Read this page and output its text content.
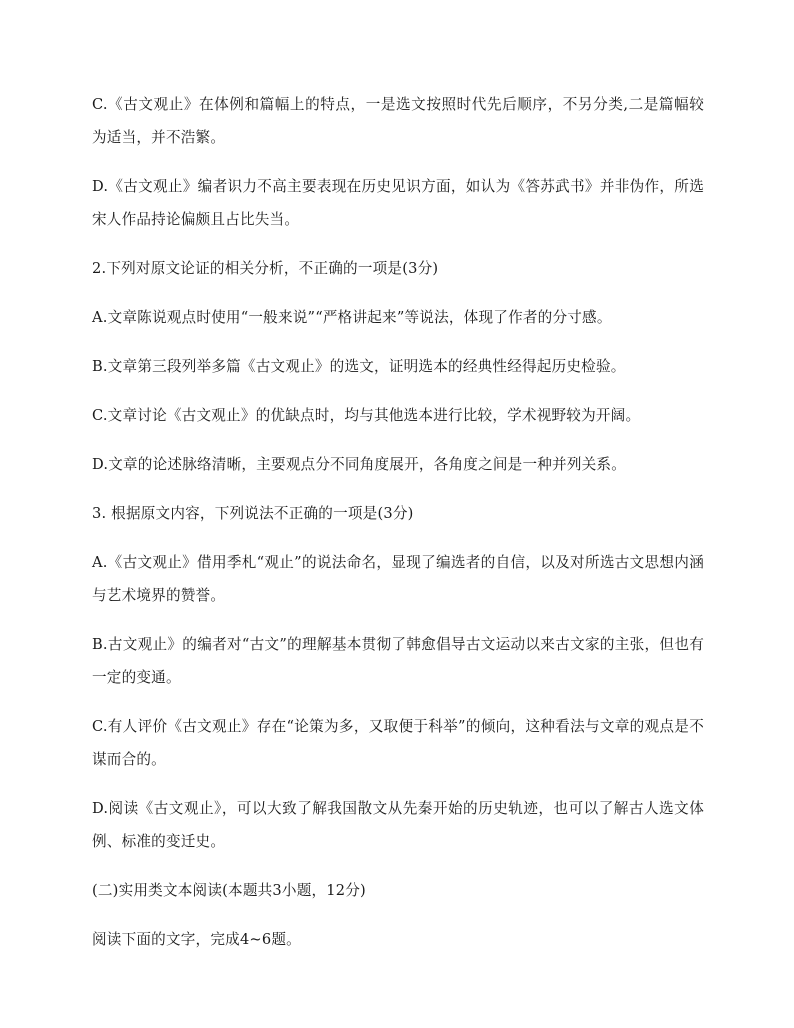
C.《古文观止》在体例和篇幅上的特点，一是选文按照时代先后顺序，不另分类,二是篇幅较为适当，并不浩繁。

D.《古文观止》编者识力不高主要表现在历史见识方面，如认为《答苏武书》并非伪作，所选宋人作品持论偏颇且占比失当。

2.下列对原文论证的相关分析，不正确的一项是(3分)

A.文章陈说观点时使用“一般来说”“严格讲起来”等说法，体现了作者的分寸感。

B.文章第三段列举多篇《古文观止》的选文，证明选本的经典性经得起历史检验。

C.文章讨论《古文观止》的优缺点时，均与其他选本进行比较，学术视野较为开阔。

D.文章的论述脉络清晰，主要观点分不同角度展开，各角度之间是一种并列关系。

3. 根据原文内容，下列说法不正确的一项是(3分)

A.《古文观止》借用季札“观止”的说法命名，显现了编选者的自信，以及对所选古文思想内涵与艺术境界的赞誉。

B.古文观止》的编者对“古文”的理解基本贯彻了韩愈倡导古文运动以来古文家的主张，但也有一定的变通。

C.有人评价《古文观止》存在“论策为多，又取便于科举”的倾向，这种看法与文章的观点是不谋而合的。

D.阅读《古文观止》，可以大致了解我国散文从先秦开始的历史轨迹，也可以了解古人选文体例、标准的变迁史。

(二)实用类文本阅读(本题共3小题，12分)

阅读下面的文字，完成4~6题。
